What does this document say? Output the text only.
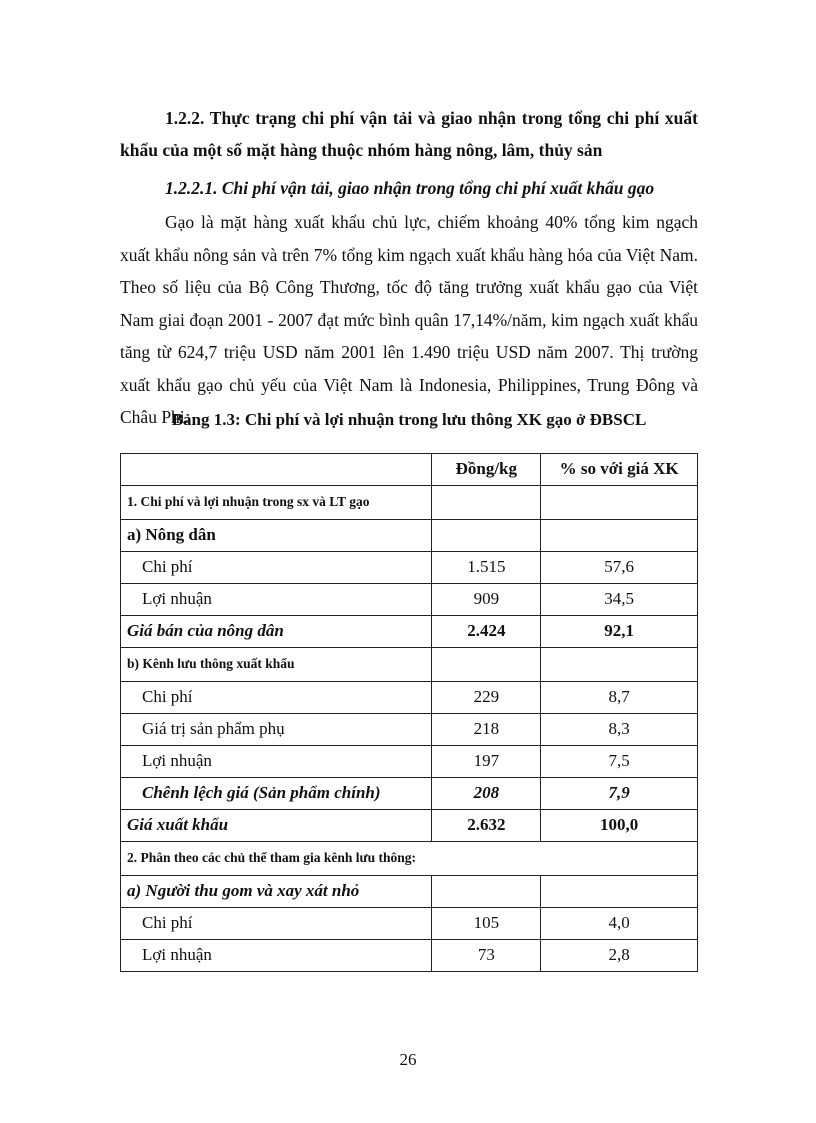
1.2.2. Thực trạng chi phí vận tải và giao nhận trong tổng chi phí xuất khẩu của một số mặt hàng thuộc nhóm hàng nông, lâm, thủy sản

1.2.2.1. Chi phí vận tải, giao nhận trong tổng chi phí xuất khẩu gạo

Gạo là mặt hàng xuất khẩu chủ lực, chiếm khoảng 40% tổng kim ngạch xuất khẩu nông sản và trên 7% tổng kim ngạch xuất khẩu hàng hóa của Việt Nam. Theo số liệu của Bộ Công Thương, tốc độ tăng trưởng xuất khẩu gạo của Việt Nam giai đoạn 2001 - 2007 đạt mức bình quân 17,14%/năm, kim ngạch xuất khẩu tăng từ 624,7 triệu USD năm 2001 lên 1.490 triệu USD năm 2007. Thị trường xuất khẩu gạo chủ yếu của Việt Nam là Indonesia, Philippines, Trung Đông và Châu Phi.

Bảng 1.3: Chi phí và lợi nhuận trong lưu thông XK gạo ở ĐBSCL

	Đồng/kg	% so với giá XK
1. Chi phí và lợi nhuận trong sx và LT gạo		
a) Nông dân		
Chi phí	1.515	57,6
Lợi nhuận	909	34,5
Giá bán của nông dân	2.424	92,1
b) Kênh lưu thông xuất khẩu		
Chi phí	229	8,7
Giá trị sản phẩm phụ	218	8,3
Lợi nhuận	197	7,5
Chênh lệch giá (Sản phẩm chính)	208	7,9
Giá xuất khẩu	2.632	100,0
2. Phân theo các chủ thể tham gia kênh lưu thông:		
a) Người thu gom và xay xát nhỏ		
Chi phí	105	4,0
Lợi nhuận	73	2,8

26
